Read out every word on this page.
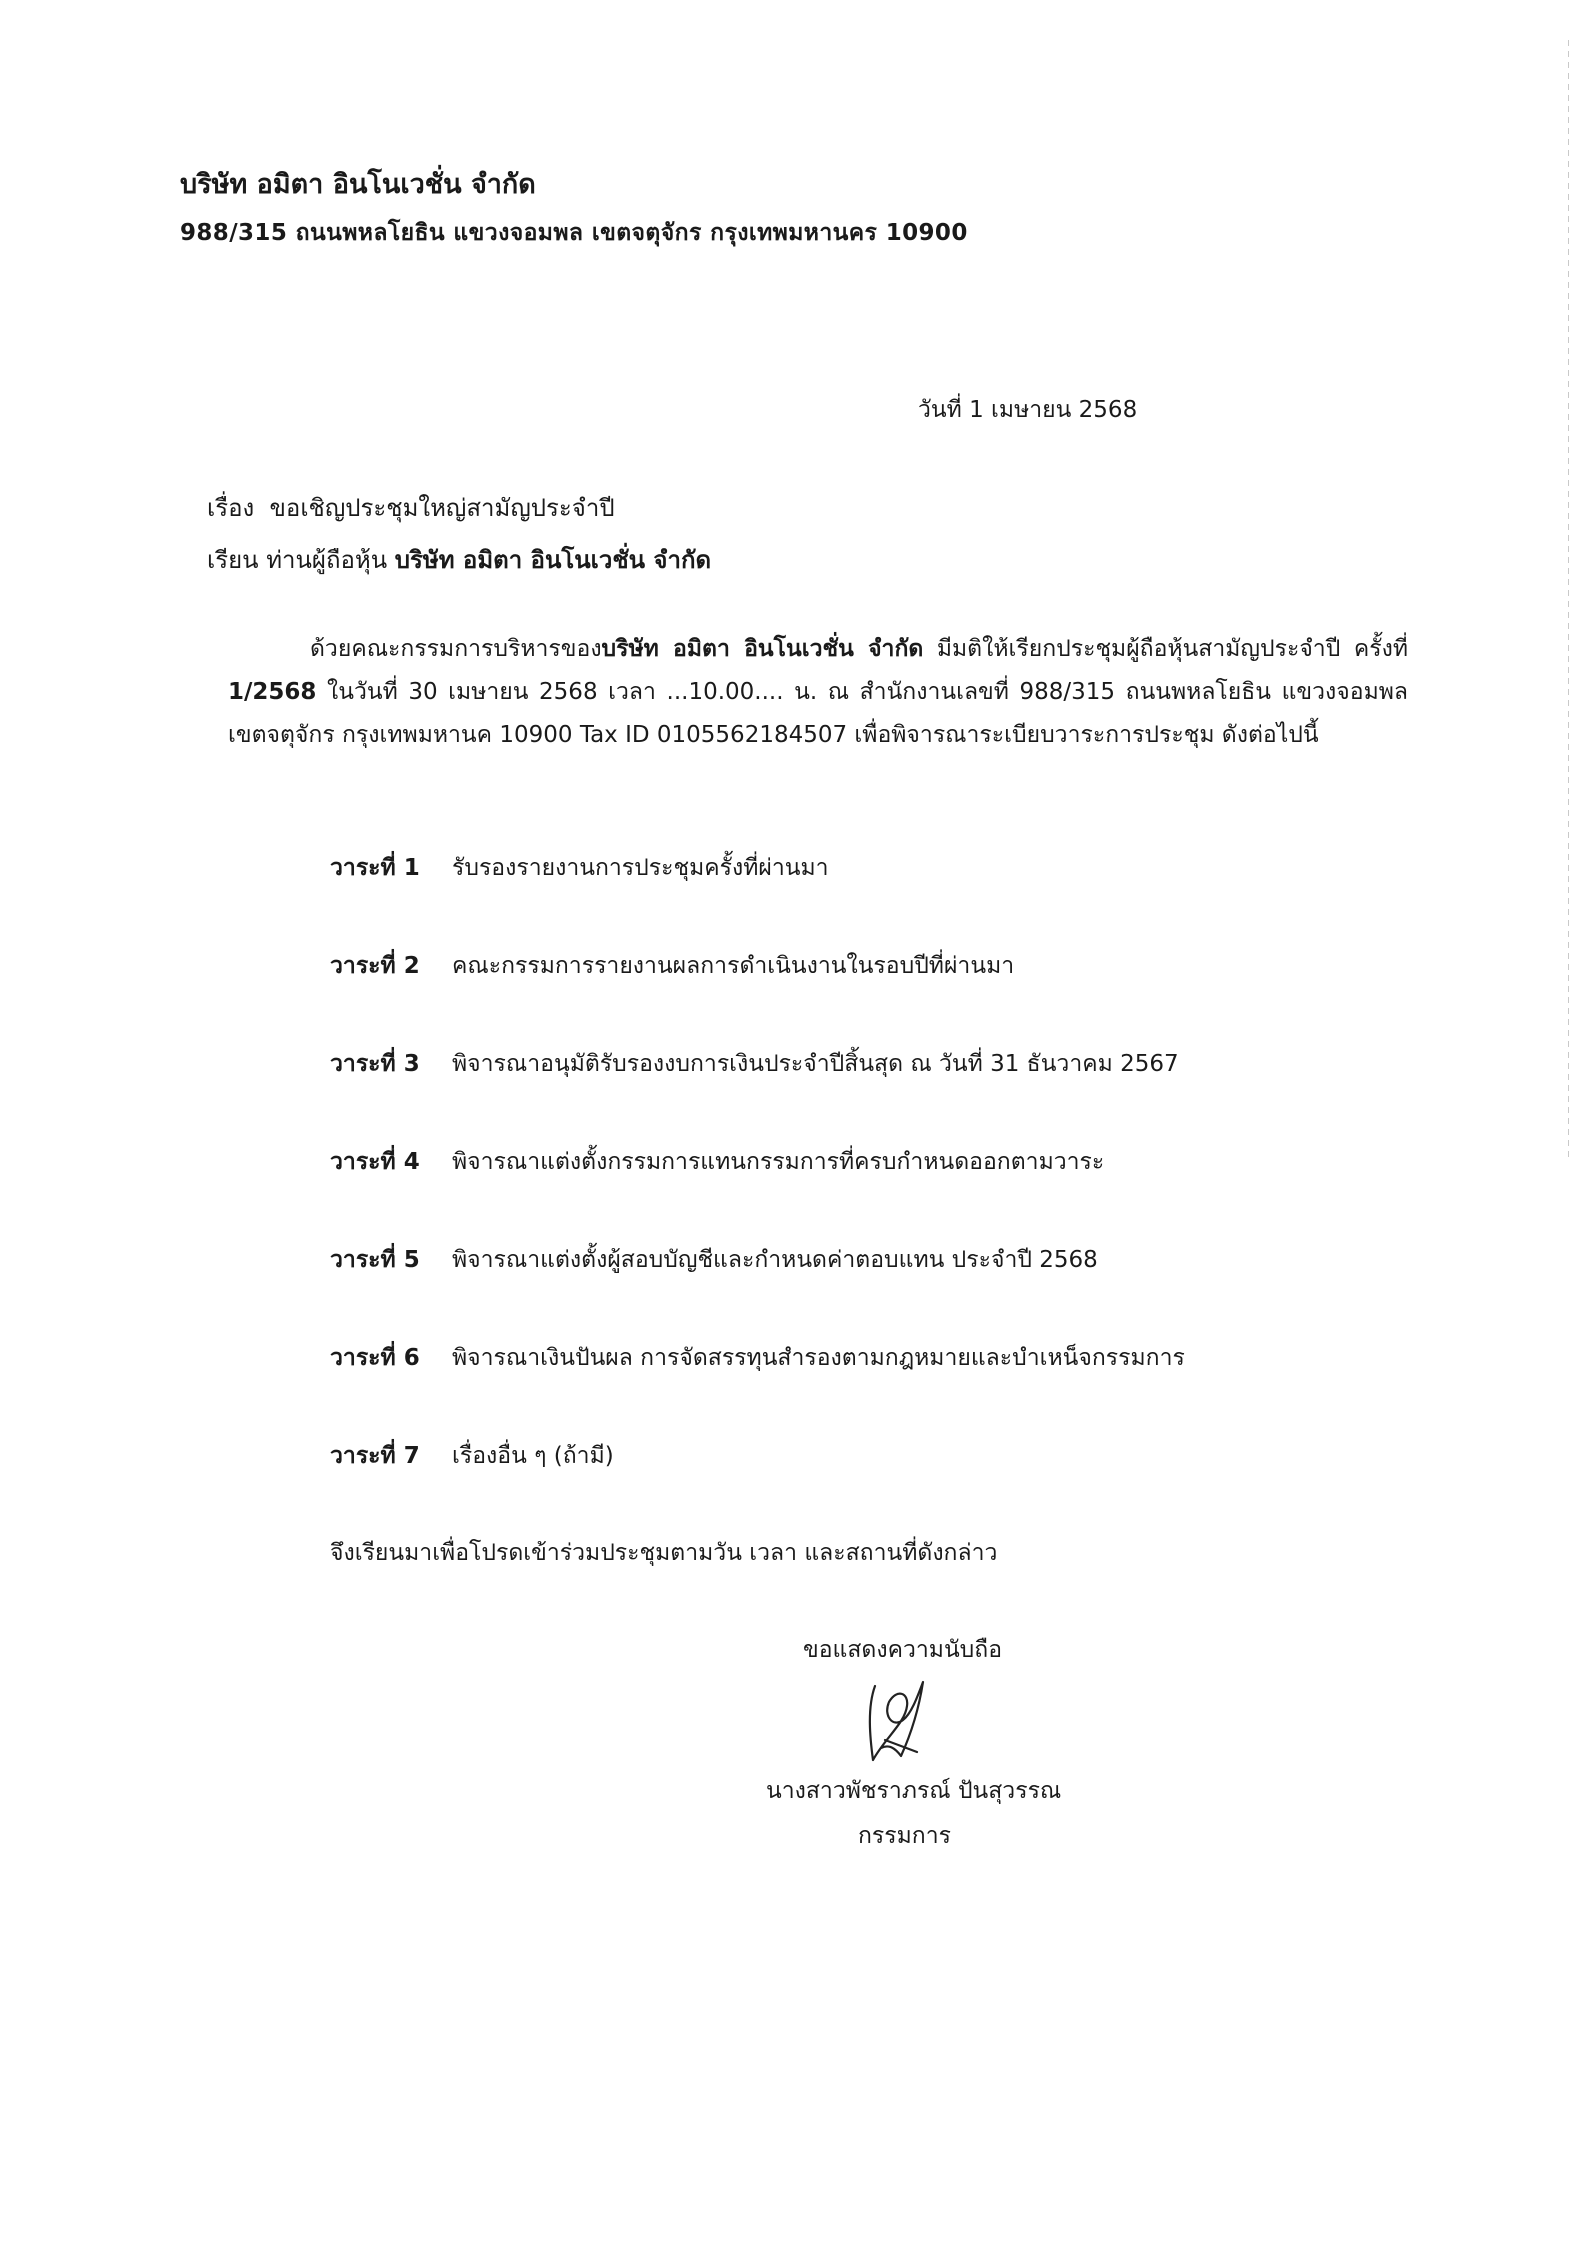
บริษัท อมิตา อินโนเวชั่น จำกัด
988/315 ถนนพหลโยธิน แขวงจอมพล เขตจตุจักร กรุงเทพมหานคร 10900
วันที่ 1 เมษายน 2568
เรื่อง ขอเชิญประชุมใหญ่สามัญประจำปี
เรียน ท่านผู้ถือหุ้น บริษัท อมิตา อินโนเวชั่น จำกัด
ด้วยคณะกรรมการบริหารของบริษัท อมิตา อินโนเวชั่น จำกัด มีมติให้เรียกประชุมผู้ถือหุ้นสามัญประจำปี ครั้งที่ 1/2568 ในวันที่ 30 เมษายน 2568 เวลา ...10.00.... น. ณ สำนักงานเลขที่ 988/315 ถนนพหลโยธิน แขวงจอมพล เขตจตุจักร กรุงเทพมหานค 10900 Tax ID 0105562184507 เพื่อพิจารณาระเบียบวาระการประชุม ดังต่อไปนี้
วาระที่ 1	รับรองรายงานการประชุมครั้งที่ผ่านมา
วาระที่ 2	คณะกรรมการรายงานผลการดำเนินงานในรอบปีที่ผ่านมา
วาระที่ 3	พิจารณาอนุมัติรับรองงบการเงินประจำปีสิ้นสุด ณ วันที่ 31 ธันวาคม 2567
วาระที่ 4	พิจารณาแต่งตั้งกรรมการแทนกรรมการที่ครบกำหนดออกตามวาระ
วาระที่ 5	พิจารณาแต่งตั้งผู้สอบบัญชีและกำหนดค่าตอบแทน ประจำปี 2568
วาระที่ 6	พิจารณาเงินปันผล การจัดสรรทุนสำรองตามกฎหมายและบำเหน็จกรรมการ
วาระที่ 7	เรื่องอื่น ๆ (ถ้ามี)
จึงเรียนมาเพื่อโปรดเข้าร่วมประชุมตามวัน เวลา และสถานที่ดังกล่าว
ขอแสดงความนับถือ
นางสาวพัชราภรณ์ ปันสุวรรณ
กรรมการ
